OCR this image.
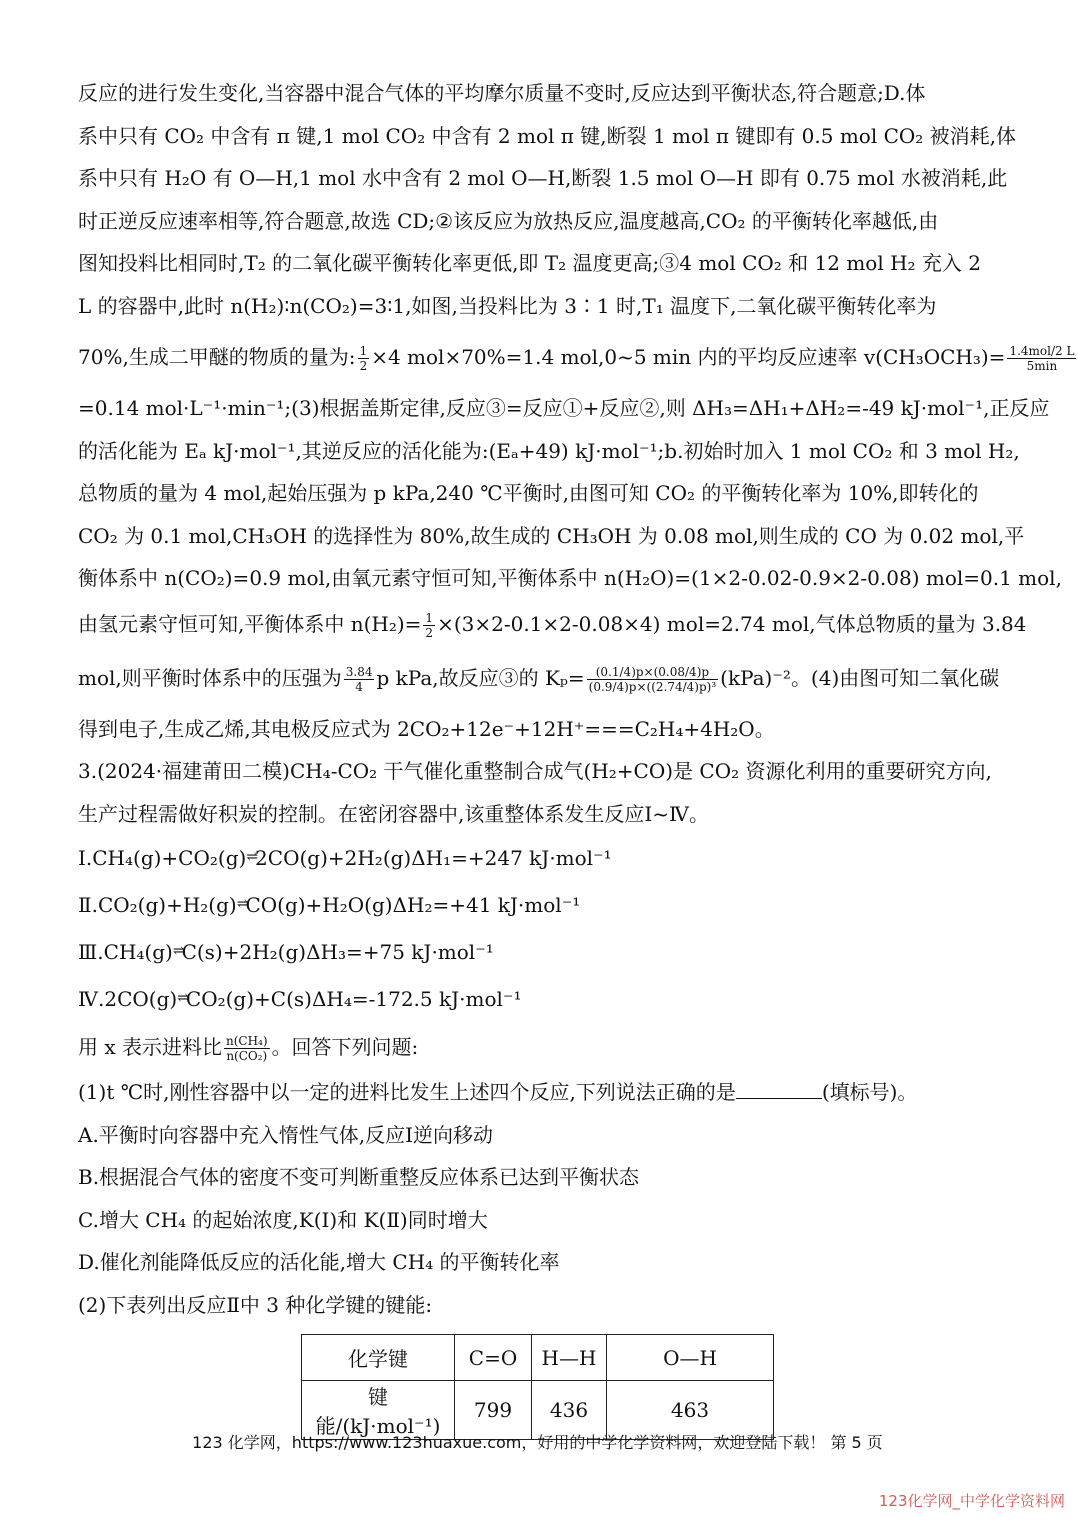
反应的进行发生变化,当容器中混合气体的平均摩尔质量不变时,反应达到平衡状态,符合题意;D.体
系中只有 CO₂ 中含有 π 键,1 mol CO₂ 中含有 2 mol π 键,断裂 1 mol π 键即有 0.5 mol CO₂ 被消耗,体
系中只有 H₂O 有 O—H,1 mol 水中含有 2 mol O—H,断裂 1.5 mol O—H 即有 0.75 mol 水被消耗,此
时正逆反应速率相等,符合题意,故选 CD;②该反应为放热反应,温度越高,CO₂ 的平衡转化率越低,由
图知投料比相同时,T₂ 的二氧化碳平衡转化率更低,即 T₂ 温度更高;③4 mol CO₂ 和 12 mol H₂ 充入 2
L 的容器中,此时 n(H₂)∶n(CO₂)=3∶1,如图,当投料比为 3∶1 时,T₁ 温度下,二氧化碳平衡转化率为
70%,生成二甲醚的物质的量为: $\frac{1}{2} \times 4$ mol×70%=1.4 mol,0~5 min 内的平均反应速率 $v(CH_3OCH_3)= \frac{\text{1.4mol/2 L}}{5\min}$
=0.14 mol·L⁻¹·min⁻¹;(3)根据盖斯定律,反应③=反应①+反应②,则 ΔH₃=ΔH₁+ΔH₂=-49 kJ·mol⁻¹,正反应
的活化能为 Eₐ kJ·mol⁻¹,其逆反应的活化能为:(Eₐ+49) kJ·mol⁻¹;b.初始时加入 1 mol CO₂ 和 3 mol H₂,
总物质的量为 4 mol,起始压强为 p kPa,240 ℃平衡时,由图可知 CO₂ 的平衡转化率为 10%,即转化的
CO₂ 为 0.1 mol,CH₃OH 的选择性为 80%,故生成的 CH₃OH 为 0.08 mol,则生成的 CO 为 0.02 mol,平
衡体系中 n(CO₂)=0.9 mol,由氧元素守恒可知,平衡体系中 n(H₂O)=(1×2-0.02-0.9×2-0.08) mol=0.1 mol,
由氢元素守恒可知,平衡体系中 $n(H_2)= \frac{1}{2} \times(3\times 2-0.1\times 2-0.08\times 4)$ mol=2.74 mol,气体总物质的量为 3.84
mol,则平衡时体系中的压强为 $\frac{3.84}{4}$ p kPa,故反应③的 $K_p= \frac{(0.1/4)p\times(0.08/4)p}{\text{(0.9/4)p×((2.74/4)p)³}} (kPa)^{-2}$。(4)由图可知二氧化碳
得到电子,生成乙烯,其电极反应式为 2CO₂+12e⁻+12H⁺===C₂H₄+4H₂O。
3.(2024·福建莆田二模)CH₄-CO₂ 干气催化重整制合成气(H₂+CO)是 CO₂ 资源化利用的重要研究方向,
生产过程需做好积炭的控制。在密闭容器中,该重整体系发生反应Ⅰ~Ⅳ。
Ⅰ.CH₄(g)+CO₂(g)⇌2CO(g)+2H₂(g)ΔH₁=+247 kJ·mol⁻¹
Ⅱ.CO₂(g)+H₂(g)⇌CO(g)+H₂O(g)ΔH₂=+41 kJ·mol⁻¹
Ⅲ.CH₄(g)⇌C(s)+2H₂(g)ΔH₃=+75 kJ·mol⁻¹
Ⅳ.2CO(g)⇌CO₂(g)+C(s)ΔH₄=-172.5 kJ·mol⁻¹
用 x 表示进料比 $\frac{\text{n(CH₄)}}{\text{n(CO₂)}}$ 。回答下列问题:
(1)t ℃时,刚性容器中以一定的进料比发生上述四个反应,下列说法正确的是	(填标号)。
A.平衡时向容器中充入惰性气体,反应Ⅰ逆向移动
B.根据混合气体的密度不变可判断重整反应体系已达到平衡状态
C.增大 CH₄ 的起始浓度,K(Ⅰ)和 K(Ⅱ)同时增大
D.催化剂能降低反应的活化能,增大 CH₄ 的平衡转化率
(2)下表列出反应Ⅱ中 3 种化学键的键能:
化学键	C=O	H—H	O—H
键能/(kJ·mol⁻¹)	799	436	463
123 化学网，https://www.123huaxue.com，好用的中学化学资料网，欢迎登陆下载！ 第 5 页
123化学网_中学化学资料网
